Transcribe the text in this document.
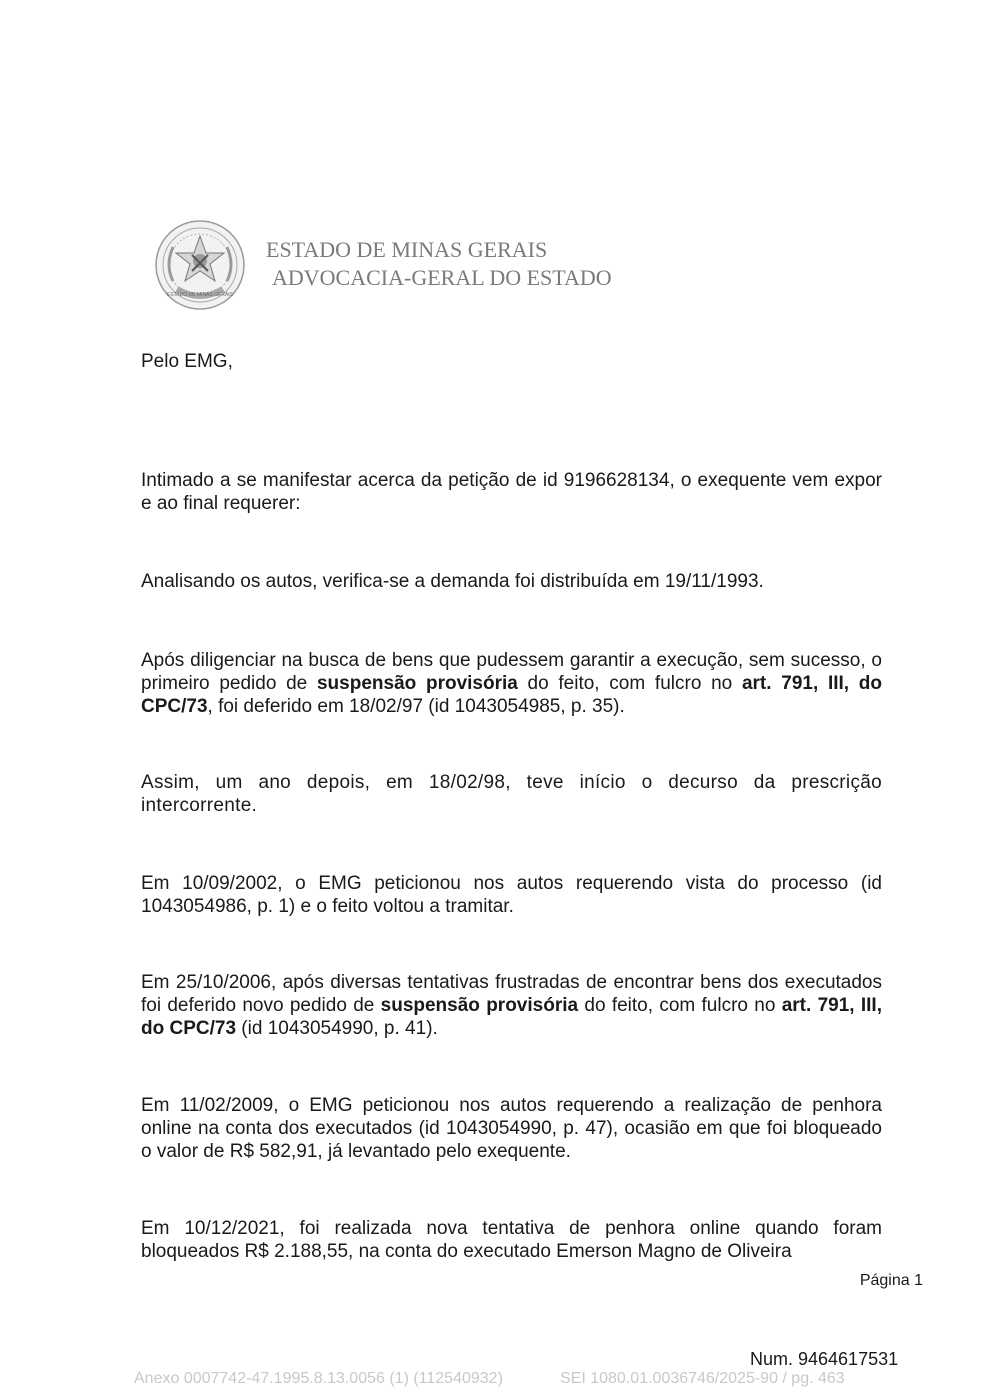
ESTADO DE MINAS GERAIS
ESTADO DE MINAS GERAIS
ADVOCACIA-GERAL DO ESTADO
Pelo EMG,
Intimado a se manifestar acerca da petição de id 9196628134, o exequente vem expor e ao final requerer:
Analisando os autos, verifica-se a demanda foi distribuída em 19/11/1993.
Após diligenciar na busca de bens que pudessem garantir a execução, sem sucesso, o primeiro pedido de suspensão provisória do feito, com fulcro no art. 791, III, do CPC/73, foi deferido em 18/02/97 (id 1043054985, p. 35).
Assim, um ano depois, em 18/02/98, teve início o decurso da prescrição intercorrente.
Em 10/09/2002, o EMG peticionou nos autos requerendo vista do processo (id 1043054986, p. 1) e o feito voltou a tramitar.
Em 25/10/2006, após diversas tentativas frustradas de encontrar bens dos executados foi deferido novo pedido de suspensão provisória do feito, com fulcro no art. 791, III, do CPC/73 (id 1043054990, p. 41).
Em 11/02/2009, o EMG peticionou nos autos requerendo a realização de penhora online na conta dos executados (id 1043054990, p. 47), ocasião em que foi bloqueado o valor de R$ 582,91, já levantado pelo exequente.
Em 10/12/2021, foi realizada nova tentativa de penhora online quando foram bloqueados R$ 2.188,55, na conta do executado Emerson Magno de Oliveira
Página 1
Num. 9464617531
Anexo 0007742-47.1995.8.13.0056 (1) (112540932)	SEI 1080.01.0036746/2025-90 / pg. 463
